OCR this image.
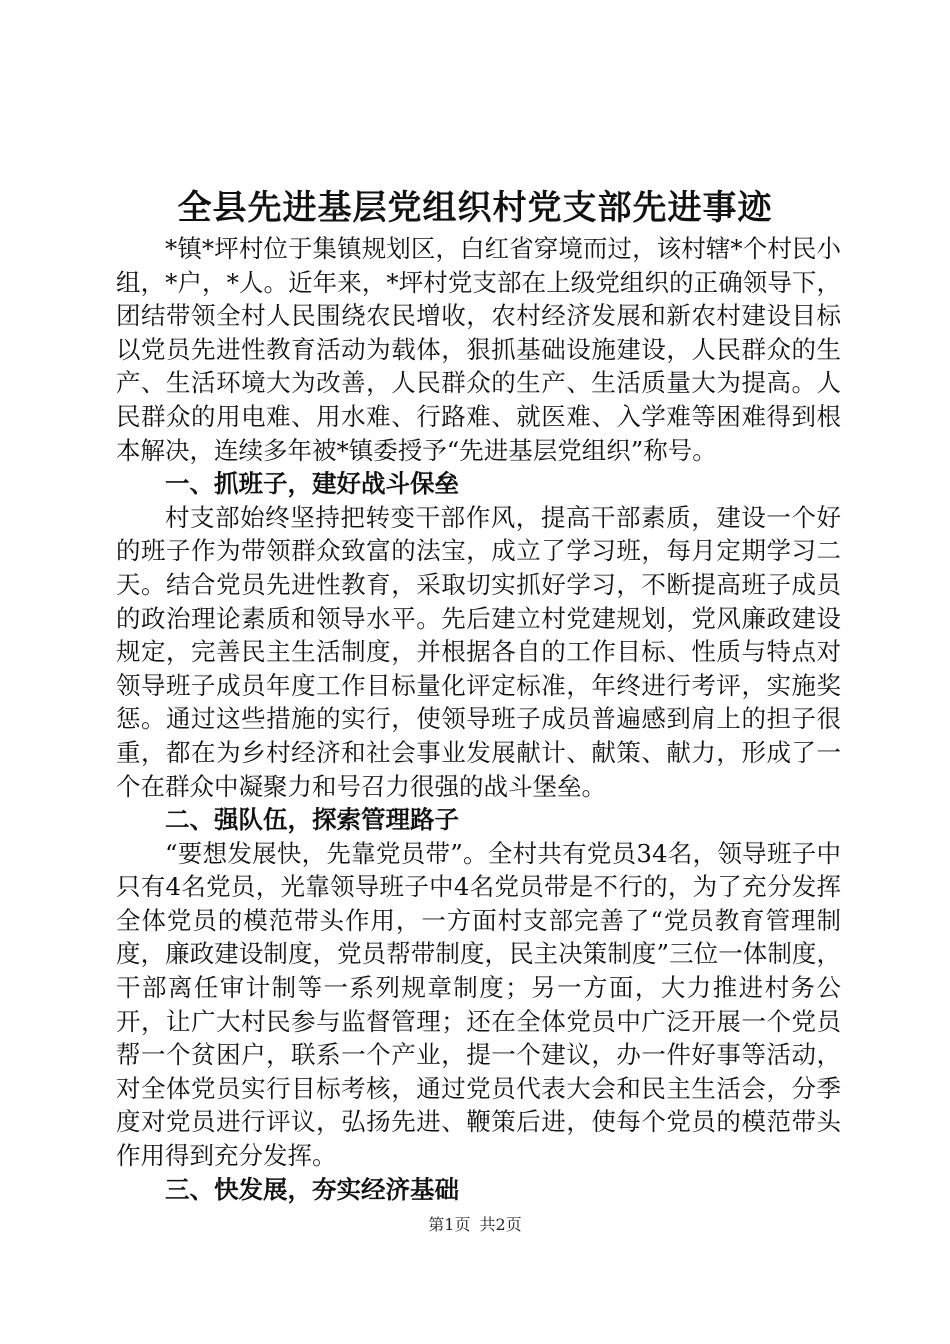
全县先进基层党组织村党支部先进事迹

*镇*坪村位于集镇规划区，白红省穿境而过，该村辖*个村民小组，*户，*人。近年来，*坪村党支部在上级党组织的正确领导下，团结带领全村人民围绕农民增收，农村经济发展和新农村建设目标以党员先进性教育活动为载体，狠抓基础设施建设，人民群众的生产、生活环境大为改善，人民群众的生产、生活质量大为提高。人民群众的用电难、用水难、行路难、就医难、入学难等困难得到根本解决，连续多年被*镇委授予“先进基层党组织”称号。

一、抓班子，建好战斗保垒

村支部始终坚持把转变干部作风，提高干部素质，建设一个好的班子作为带领群众致富的法宝，成立了学习班，每月定期学习二天。结合党员先进性教育，采取切实抓好学习，不断提高班子成员的政治理论素质和领导水平。先后建立村党建规划，党风廉政建设规定，完善民主生活制度，并根据各自的工作目标、性质与特点对领导班子成员年度工作目标量化评定标准，年终进行考评，实施奖惩。通过这些措施的实行，使领导班子成员普遍感到肩上的担子很重，都在为乡村经济和社会事业发展献计、献策、献力，形成了一个在群众中凝聚力和号召力很强的战斗堡垒。

二、强队伍，探索管理路子

“要想发展快，先靠党员带”。全村共有党员34名，领导班子中只有4名党员，光靠领导班子中4名党员带是不行的，为了充分发挥全体党员的模范带头作用，一方面村支部完善了“党员教育管理制度，廉政建设制度，党员帮带制度，民主决策制度”三位一体制度，干部离任审计制等一系列规章制度；另一方面，大力推进村务公开，让广大村民参与监督管理；还在全体党员中广泛开展一个党员帮一个贫困户，联系一个产业，提一个建议，办一件好事等活动，对全体党员实行目标考核，通过党员代表大会和民主生活会，分季度对党员进行评议，弘扬先进、鞭策后进，使每个党员的模范带头作用得到充分发挥。

三、快发展，夯实经济基础
第1页 共2页
